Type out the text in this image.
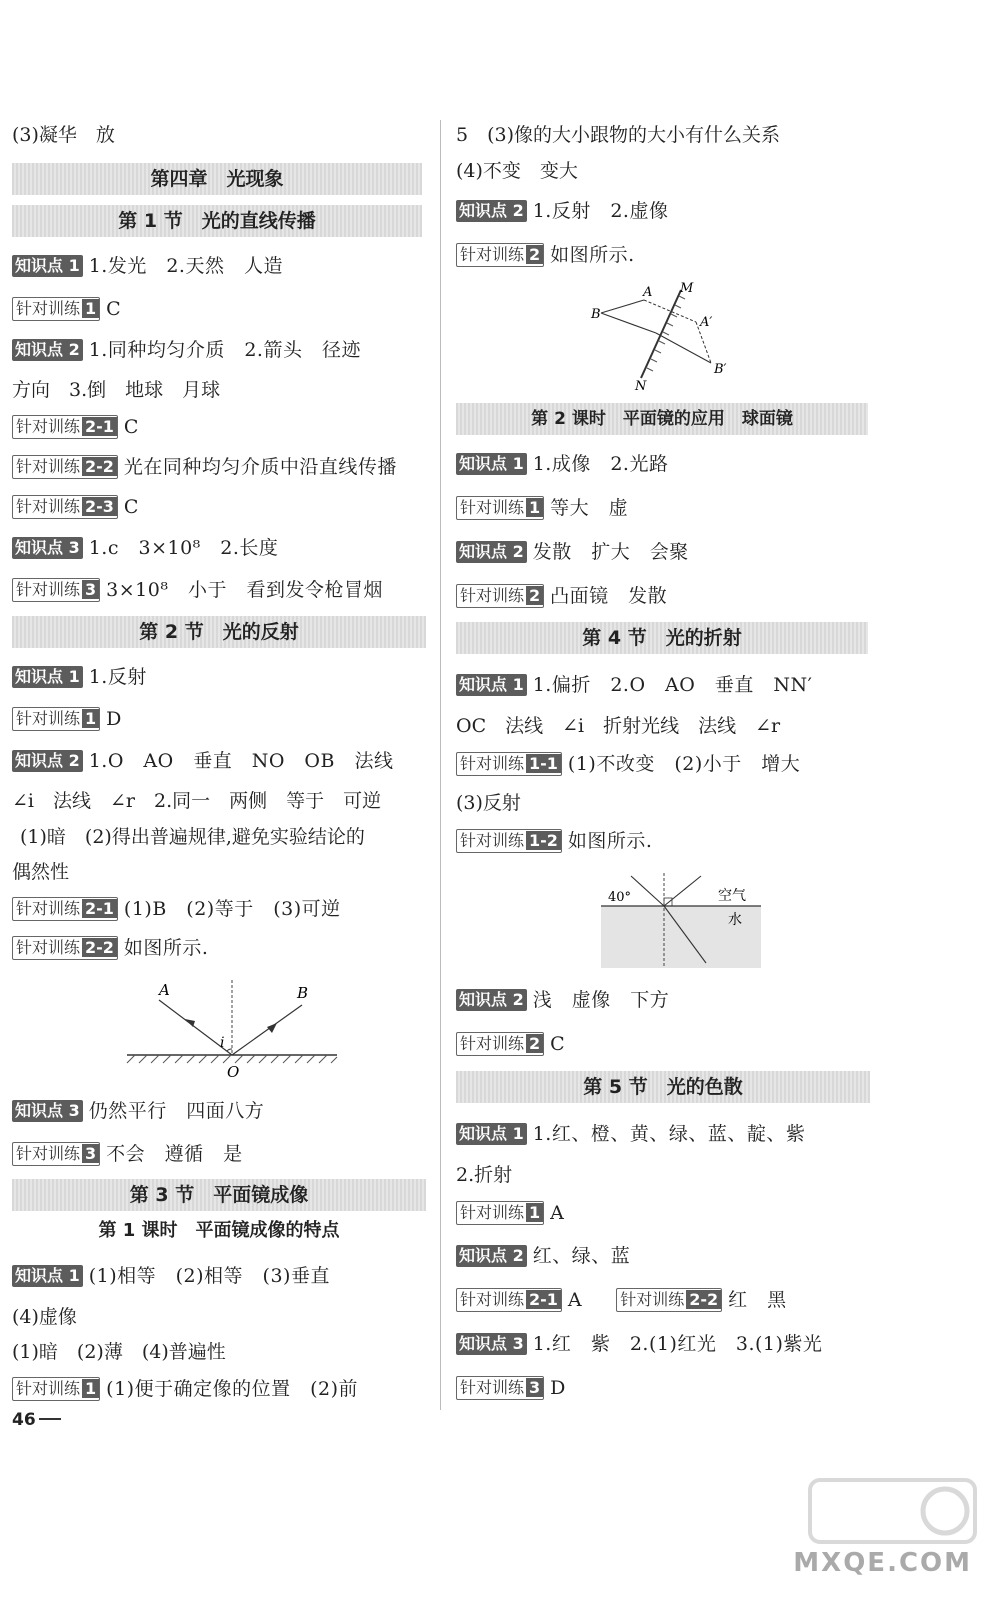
(3)凝华　放
第四章　光现象
第 1 节　光的直线传播
知识点 1 1.发光　2.天然　人造
针对训练 1 C
知识点 2 1.同种均匀介质　2.箭头　径迹
方向　3.倒　地球　月球
针对训练 2-1 C
针对训练 2-2 光在同种均匀介质中沿直线传播
针对训练 2-3 C
知识点 3 1.c　3×10⁸　2.长度
针对训练 3 3×10⁸　小于　看到发令枪冒烟
第 2 节　光的反射
知识点 1 1.反射
针对训练 1 D
知识点 2 1.O　AO　垂直　NO　OB　法线
∠i　法线　∠r　2.同一　两侧　等于　可逆
(1)暗　(2)得出普遍规律,避免实验结论的
偶然性
针对训练 2-1 (1)B　(2)等于　(3)可逆
针对训练 2-2 如图所示.
A	B
i
O
知识点 3 仍然平行　四面八方
针对训练 3 不会　遵循　是
第 3 节　平面镜成像
第 1 课时　平面镜成像的特点
知识点 1 (1)相等　(2)相等　(3)垂直
(4)虚像
(1)暗　(2)薄　(4)普遍性
针对训练 1 (1)便于确定像的位置　(2)前
46
5　(3)像的大小跟物的大小有什么关系
(4)不变　变大
知识点 2 1.反射　2.虚像
针对训练 2 如图所示.
A M
B
A′
B′
N
第 2 课时　平面镜的应用　球面镜
知识点 1 1.成像　2.光路
针对训练 1 等大　虚
知识点 2 发散　扩大　会聚
针对训练 2 凸面镜　发散
第 4 节　光的折射
知识点 1 1.偏折　2.O　AO　垂直　NN′
OC　法线　∠i　折射光线　法线　∠r
针对训练 1-1 (1)不改变　(2)小于　增大
(3)反射
针对训练 1-2 如图所示.
40°	空气
水
知识点 2 浅　虚像　下方
针对训练 2 C
第 5 节　光的色散
知识点 1 1.红、橙、黄、绿、蓝、靛、紫
2.折射
针对训练 1 A
知识点 2 红、绿、蓝
针对训练 2-1 A 针对训练 2-2 红　黑
知识点 3 1.红　紫　2.(1)红光　3.(1)紫光
针对训练 3 D
MXQE.COM
